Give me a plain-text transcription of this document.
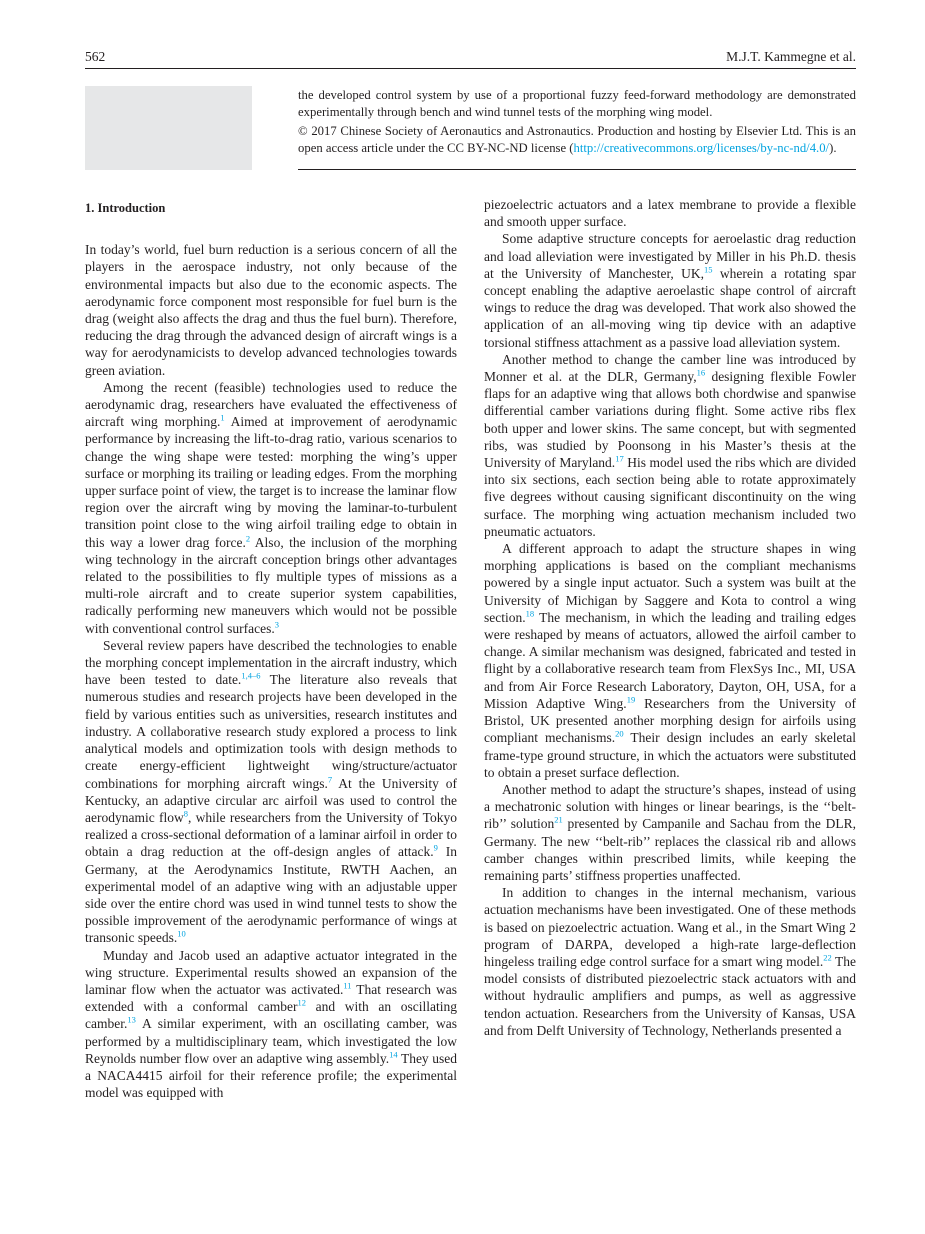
562	M.J.T. Kammegne et al.

the developed control system by use of a proportional fuzzy feed-forward methodology are demonstrated experimentally through bench and wind tunnel tests of the morphing wing model.

© 2017 Chinese Society of Aeronautics and Astronautics. Production and hosting by Elsevier Ltd. This is an open access article under the CC BY-NC-ND license (http://creativecommons.org/licenses/by-nc-nd/4.0/).

1. Introduction

In today’s world, fuel burn reduction is a serious concern of all the players in the aerospace industry, not only because of the environmental impacts but also due to the economic aspects. The aerodynamic force component most responsible for fuel burn is the drag (weight also affects the drag and thus the fuel burn). Therefore, reducing the drag through the advanced design of aircraft wings is a way for aerodynamicists to develop advanced technologies towards green aviation.

Among the recent (feasible) technologies used to reduce the aerodynamic drag, researchers have evaluated the effectiveness of aircraft wing morphing.$^1$ Aimed at improvement of aerodynamic performance by increasing the lift-to-drag ratio, various scenarios to change the wing shape were tested: morphing the wing’s upper surface or morphing its trailing or leading edges. From the morphing upper surface point of view, the target is to increase the laminar flow region over the aircraft wing by moving the laminar-to-turbulent transition point close to the wing airfoil trailing edge to obtain in this way a lower drag force.$^2$ Also, the inclusion of the morphing wing technology in the aircraft conception brings other advantages related to the possibilities to fly multiple types of missions as a multi-role aircraft and to create superior system capabilities, radically performing new maneuvers which would not be possible with conventional control surfaces.$^3$

Several review papers have described the technologies to enable the morphing concept implementation in the aircraft industry, which have been tested to date.$^{1,4-6}$ The literature also reveals that numerous studies and research projects have been developed in the field by various entities such as universities, research institutes and industry. A collaborative research study explored a process to link analytical models and optimization tools with design methods to create energy-efficient lightweight wing/structure/actuator combinations for morphing aircraft wings.$^7$ At the University of Kentucky, an adaptive circular arc airfoil was used to control the aerodynamic flow$^8$, while researchers from the University of Tokyo realized a cross-sectional deformation of a laminar airfoil in order to obtain a drag reduction at the off-design angles of attack.$^9$ In Germany, at the Aerodynamics Institute, RWTH Aachen, an experimental model of an adaptive wing with an adjustable upper side over the entire chord was used in wind tunnel tests to show the possible improvement of the aerodynamic performance of wings at transonic speeds.$^{10}$

Munday and Jacob used an adaptive actuator integrated in the wing structure. Experimental results showed an expansion of the laminar flow when the actuator was activated.$^{11}$ That research was extended with a conformal camber$^{12}$ and with an oscillating camber.$^{13}$ A similar experiment, with an oscillating camber, was performed by a multidisciplinary team, which investigated the low Reynolds number flow over an adaptive wing assembly.$^{14}$ They used a NACA4415 airfoil for their reference profile; the experimental model was equipped with

piezoelectric actuators and a latex membrane to provide a flexible and smooth upper surface.

Some adaptive structure concepts for aeroelastic drag reduction and load alleviation were investigated by Miller in his Ph.D. thesis at the University of Manchester, UK,$^{15}$ wherein a rotating spar concept enabling the adaptive aeroelastic shape control of aircraft wings to reduce the drag was developed. That work also showed the application of an all-moving wing tip device with an adaptive torsional stiffness attachment as a passive load alleviation system.

Another method to change the camber line was introduced by Monner et al. at the DLR, Germany,$^{16}$ designing flexible Fowler flaps for an adaptive wing that allows both chordwise and spanwise differential camber variations during flight. Some active ribs flex both upper and lower skins. The same concept, but with segmented ribs, was studied by Poonsong in his Master’s thesis at the University of Maryland.$^{17}$ His model used the ribs which are divided into six sections, each section being able to rotate approximately five degrees without causing significant discontinuity on the wing surface. The morphing wing actuation mechanism included two pneumatic actuators.

A different approach to adapt the structure shapes in wing morphing applications is based on the compliant mechanisms powered by a single input actuator. Such a system was built at the University of Michigan by Saggere and Kota to control a wing section.$^{18}$ The mechanism, in which the leading and trailing edges were reshaped by means of actuators, allowed the airfoil camber to change. A similar mechanism was designed, fabricated and tested in flight by a collaborative research team from FlexSys Inc., MI, USA and from Air Force Research Laboratory, Dayton, OH, USA, for a Mission Adaptive Wing.$^{19}$ Researchers from the University of Bristol, UK presented another morphing design for airfoils using compliant mechanisms.$^{20}$ Their design includes an early skeletal frame-type ground structure, in which the actuators were substituted to obtain a preset surface deflection.

Another method to adapt the structure’s shapes, instead of using a mechatronic solution with hinges or linear bearings, is the ‘‘belt-rib’’ solution$^{21}$ presented by Campanile and Sachau from the DLR, Germany. The new ‘‘belt-rib’’ replaces the classical rib and allows camber changes within prescribed limits, while keeping the remaining parts’ stiffness properties unaffected.

In addition to changes in the internal mechanism, various actuation mechanisms have been investigated. One of these methods is based on piezoelectric actuation. Wang et al., in the Smart Wing 2 program of DARPA, developed a high-rate large-deflection hingeless trailing edge control surface for a smart wing model.$^{22}$ The model consists of distributed piezoelectric stack actuators with and without hydraulic amplifiers and pumps, as well as aggressive tendon actuation. Researchers from the University of Kansas, USA and from Delft University of Technology, Netherlands presented a
